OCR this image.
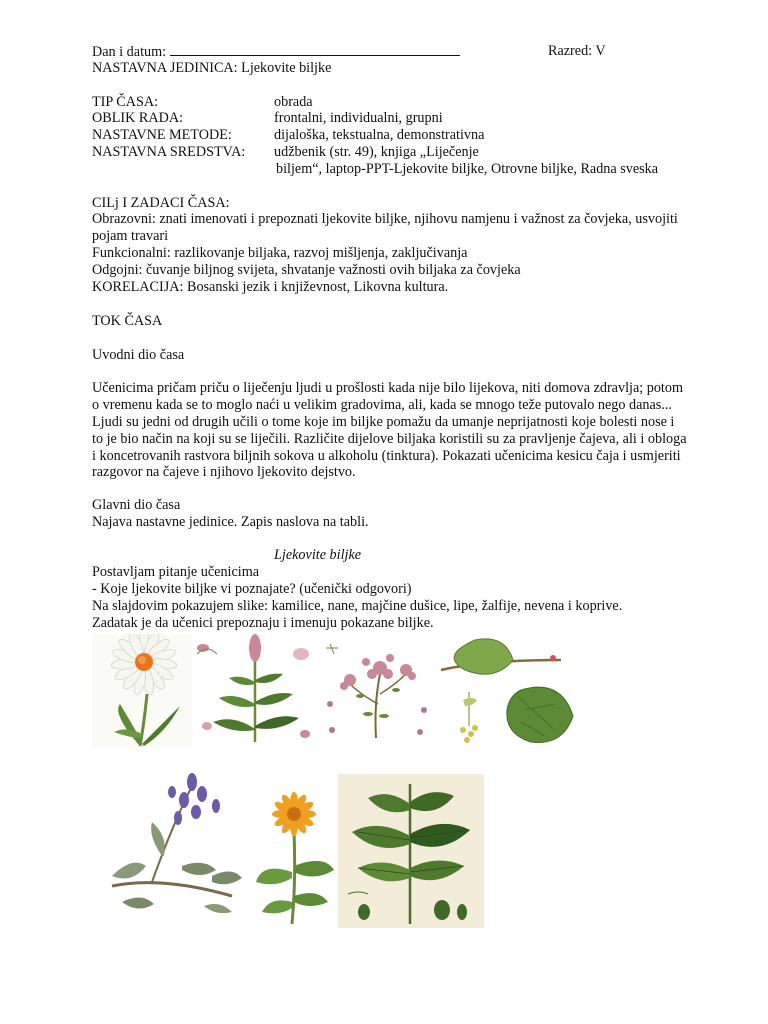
Dan i datum:	Razred: V
NASTAVNA JEDINICA: Ljekovite biljke
TIP ČASA:	obrada
OBLIK RADA:	frontalni, individualni, grupni
NASTAVNE METODE:	dijaloška, tekstualna, demonstrativna
NASTAVNA SREDSTVA: udžbenik (str. 49), knjiga „Liječenje
biljem“, laptop-PPT-Ljekovite biljke, Otrovne biljke, Radna sveska
CILj I ZADACI ČASA:
Obrazovni: znati imenovati i prepoznati ljekovite biljke, njihovu namjenu i važnost za čovjeka, usvojiti
pojam travari
Funkcionalni: razlikovanje biljaka, razvoj mišljenja, zaključivanja
Odgojni: čuvanje biljnog svijeta, shvatanje važnosti ovih biljaka za čovjeka
KORELACIJA: Bosanski jezik i književnost, Likovna kultura.
TOK ČASA
Uvodni dio časa
Učenicima pričam priču o liječenju ljudi u prošlosti kada nije bilo lijekova, niti domova zdravlja; potom
o vremenu kada se to moglo naći u velikim gradovima, ali, kada se mnogo teže putovalo nego danas...
Ljudi su jedni od drugih učili o tome koje im biljke pomažu da umanje neprijatnosti koje bolesti nose i
to je bio način na koji su se liječili. Različite dijelove biljaka koristili su za pravljenje čajeva, ali i obloga
i koncetrovanih rastvora biljnih sokova u alkoholu (tinktura). Pokazati učenicima kesicu čaja i usmjeriti
razgovor na čajeve i njihovo ljekovito dejstvo.
Glavni dio časa
Najava nastavne jedinice. Zapis naslova na tabli.
Ljekovite biljke
Postavljam pitanje učenicima
- Koje ljekovite biljke vi poznajate? (učenički odgovori)
Na slajdovim pokazujem slike: kamilice, nane, majčine dušice, lipe, žalfije, nevena i koprive.
Zadatak je da učenici prepoznaju i imenuju pokazane biljke.
